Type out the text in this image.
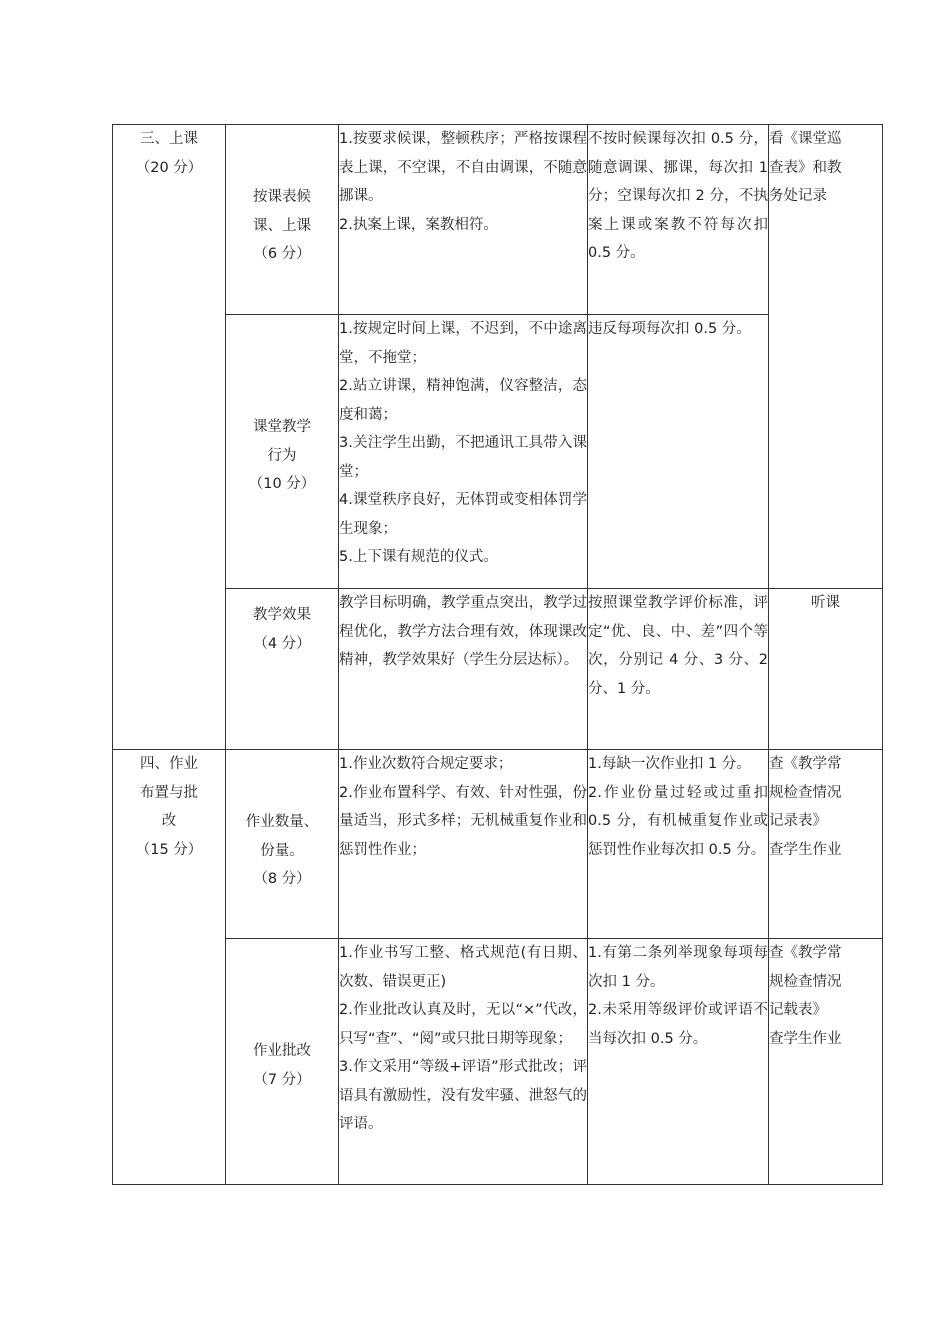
三、上课
（20 分）	按课表候
课、上课
（6 分）	1.按要求候课，整顿秩序；严格按课程表上课，不空课，不自由调课，不随意挪课。
2.执案上课，案教相符。	不按时候课每次扣 0.5 分，随意调课、挪课，每次扣 1 分；空课每次扣 2 分，不执案上课或案教不符每次扣 0.5 分。	看《课堂巡
查表》和教
务处记录

	课堂教学
行为
（10 分）	1.按规定时间上课，不迟到，不中途离堂，不拖堂；
2.站立讲课，精神饱满，仪容整洁，态度和蔼；
3.关注学生出勤，不把通讯工具带入课堂；
4.课堂秩序良好，无体罚或变相体罚学生现象；
5.上下课有规范的仪式。	违反每项每次扣 0.5 分。	

	教学效果
（4 分）	教学目标明确，教学重点突出，教学过程优化，教学方法合理有效，体现课改精神，教学效果好（学生分层达标）。	按照课堂教学评价标准，评定“优、良、中、差”四个等次，分别记 4 分、3 分、2 分、1 分。	听课

四、作业
布置与批
改
（15 分）	作业数量、
份量。
（8 分）	1.作业次数符合规定要求；
2.作业布置科学、有效、针对性强，份量适当，形式多样；无机械重复作业和惩罚性作业；	1.每缺一次作业扣 1 分。
2.作业份量过轻或过重扣 0.5 分，有机械重复作业或惩罚性作业每次扣 0.5 分。	查《教学常
规检查情况
记录表》
查学生作业

	作业批改
（7 分）	1.作业书写工整、格式规范(有日期、次数、错误更正)
2.作业批改认真及时，无以“×”代改，只写“查”、“阅”或只批日期等现象；
3.作文采用“等级+评语”形式批改；评语具有激励性，没有发牢骚、泄怒气的评语。	1.有第二条列举现象每项每次扣 1 分。
2.未采用等级评价或评语不当每次扣 0.5 分。	查《教学常
规检查情况
记载表》
查学生作业
